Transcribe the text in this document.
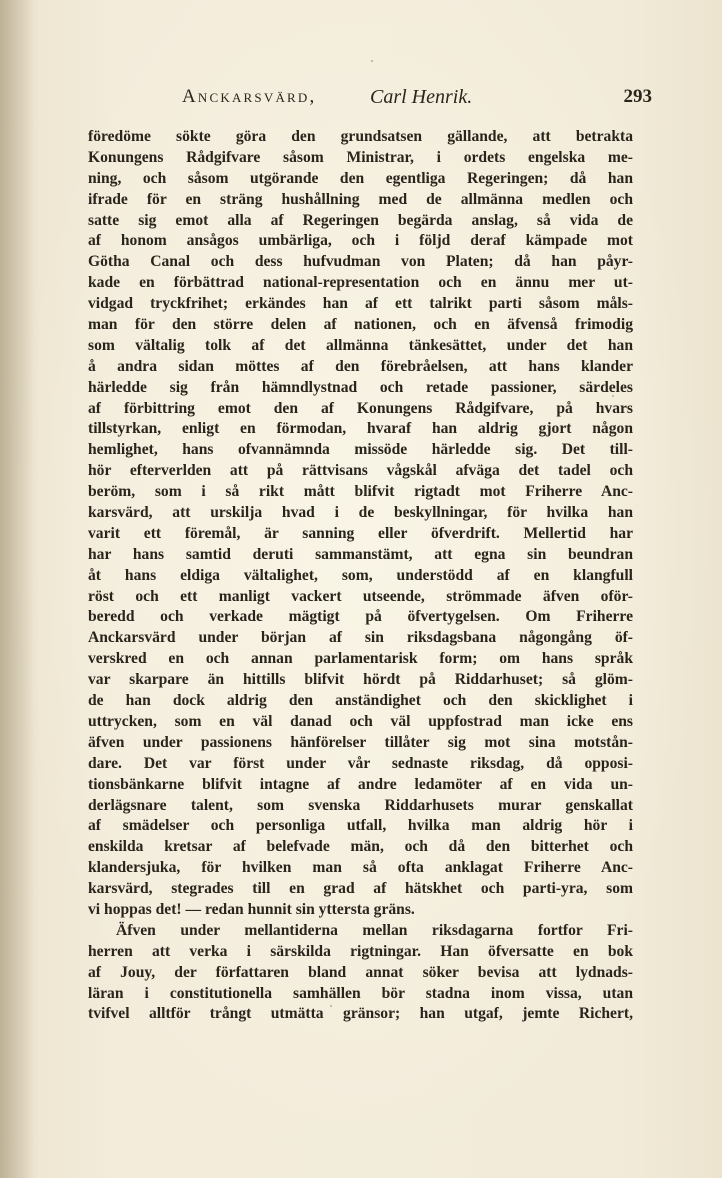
Anckarsvärd,	Carl Henrik.	293
föredöme sökte göra den grundsatsen gällande, att betrakta
Konungens Rådgifvare såsom Ministrar, i ordets engelska me-
ning, och såsom utgörande den egentliga Regeringen; då han
ifrade för en sträng hushållning med de allmänna medlen och
satte sig emot alla af Regeringen begärda anslag, så vida de
af honom ansågos umbärliga, och i följd deraf kämpade mot
Götha Canal och dess hufvudman von Platen; då han påyr-
kade en förbättrad national-representation och en ännu mer ut-
vidgad tryckfrihet; erkändes han af ett talrikt parti såsom måls-
man för den större delen af nationen, och en äfvenså frimodig
som vältalig tolk af det allmänna tänkesättet, under det han
å andra sidan möttes af den förebråelsen, att hans klander
härledde sig från hämndlystnad och retade passioner, särdeles
af förbittring emot den af Konungens Rådgifvare, på hvars
tillstyrkan, enligt en förmodan, hvaraf han aldrig gjort någon
hemlighet, hans ofvannämnda missöde härledde sig. Det till-
hör efterverlden att på rättvisans vågskål afväga det tadel och
beröm, som i så rikt mått blifvit rigtadt mot Friherre Anc-
karsvärd, att urskilja hvad i de beskyllningar, för hvilka han
varit ett föremål, är sanning eller öfverdrift. Mellertid har
har hans samtid deruti sammanstämt, att egna sin beundran
åt hans eldiga vältalighet, som, understödd af en klangfull
röst och ett manligt vackert utseende, strömmade äfven oför-
beredd och verkade mägtigt på öfvertygelsen. Om Friherre
Anckarsvärd under början af sin riksdagsbana någongång öf-
verskred en och annan parlamentarisk form; om hans språk
var skarpare än hittills blifvit hördt på Riddarhuset; så glöm-
de han dock aldrig den anständighet och den skicklighet i
uttrycken, som en väl danad och väl uppfostrad man icke ens
äfven under passionens hänförelser tillåter sig mot sina motstån-
dare. Det var först under vår sednaste riksdag, då opposi-
tionsbänkarne blifvit intagne af andre ledamöter af en vida un-
derlägsnare talent, som svenska Riddarhusets murar genskallat
af smädelser och personliga utfall, hvilka man aldrig hör i
enskilda kretsar af belefvade män, och då den bitterhet och
klandersjuka, för hvilken man så ofta anklagat Friherre Anc-
karsvärd, stegrades till en grad af hätskhet och parti-yra, som
vi hoppas det! — redan hunnit sin yttersta gräns.
Äfven under mellantiderna mellan riksdagarna fortfor Fri-
herren att verka i särskilda rigtningar. Han öfversatte en bok
af Jouy, der författaren bland annat söker bevisa att lydnads-
läran i constitutionella samhällen bör stadna inom vissa, utan
tvifvel alltför trångt utmätta gränsor; han utgaf, jemte Richert,
